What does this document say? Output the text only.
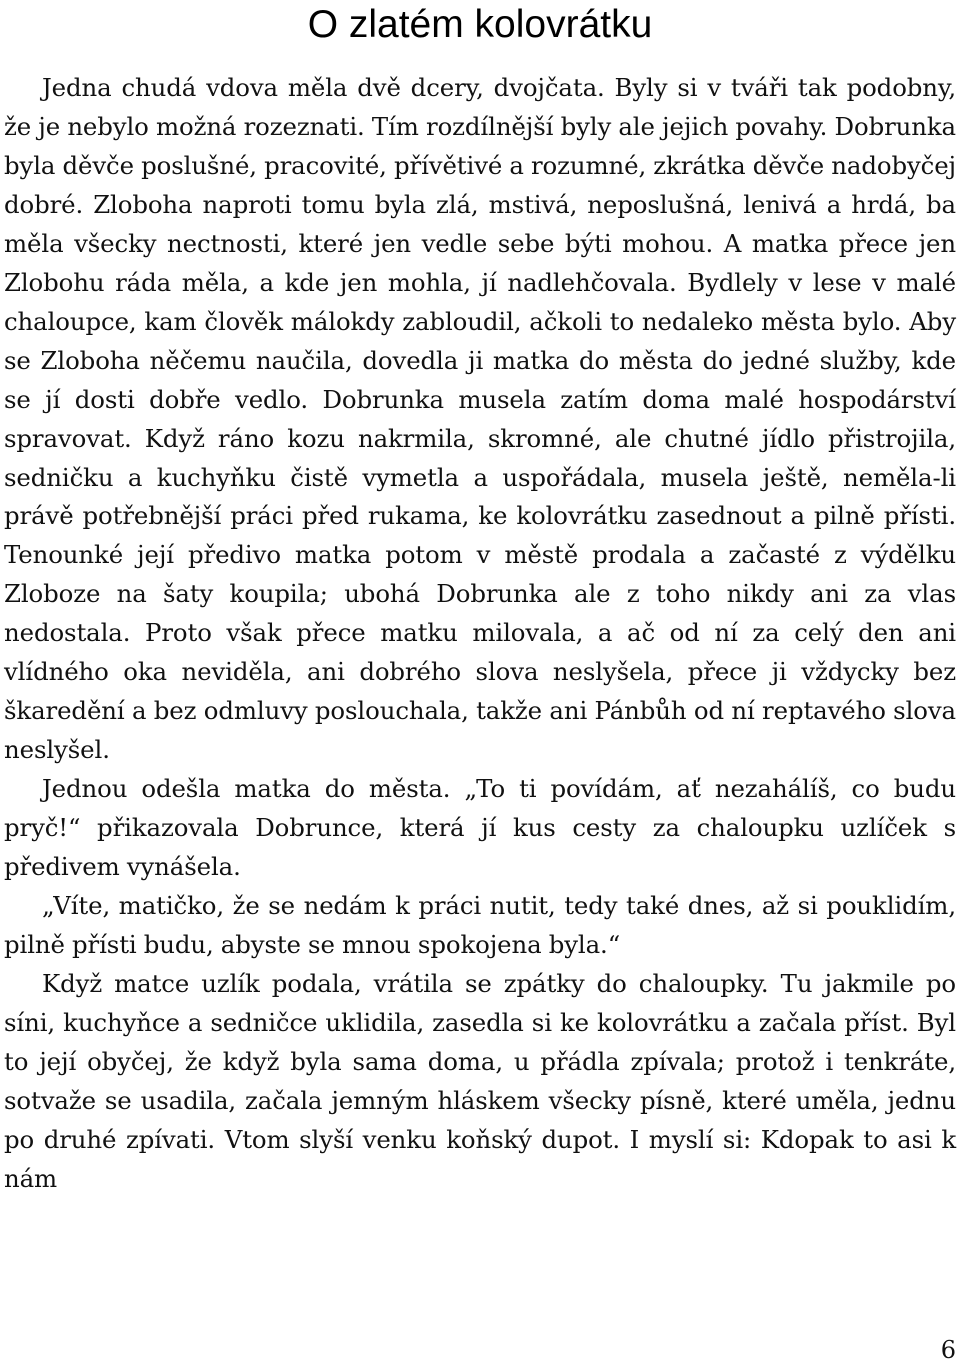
O zlatém kolovrátku

Jedna chudá vdova měla dvě dcery, dvojčata. Byly si v tváři tak podobny, že je nebylo možná rozeznati. Tím rozdílnější byly ale jejich povahy. Dobrunka byla děvče poslušné, pracovité, přívětivé a rozumné, zkrátka děvče nadobyčej dobré. Zloboha naproti tomu byla zlá, mstivá, neposlušná, lenivá a hrdá, ba měla všecky nectnosti, které jen vedle sebe býti mohou. A matka přece jen Zlobohu ráda měla, a kde jen mohla, jí nadlehčovala. Bydlely v lese v malé chaloupce, kam člověk málokdy zabloudil, ačkoli to nedaleko města bylo. Aby se Zloboha něčemu naučila, dovedla ji matka do města do jedné služby, kde se jí dosti dobře vedlo. Dobrunka musela zatím doma malé hospodárství spravovat. Když ráno kozu nakrmila, skromné, ale chutné jídlo přistrojila, sedničku a kuchyňku čistě vymetla a uspořádala, musela ještě, neměla-li právě potřebnější práci před rukama, ke kolovrátku zasednout a pilně přísti. Tenounké její předivo matka potom v městě prodala a začasté z výdělku Zloboze na šaty koupila; ubohá Dobrunka ale z toho nikdy ani za vlas nedostala. Proto však přece matku milovala, a ač od ní za celý den ani vlídného oka neviděla, ani dobrého slova neslyšela, přece ji vždycky bez škaredění a bez odmluvy poslouchala, takže ani Pánbůh od ní reptavého slova neslyšel.

Jednou odešla matka do města. „To ti povídám, ať nezahálíš, co budu pryč!“ přikazovala Dobrunce, která jí kus cesty za chaloupku uzlíček s předivem vynášela.

„Víte, matičko, že se nedám k práci nutit, tedy také dnes, až si pouklidím, pilně přísti budu, abyste se mnou spokojena byla.“

Když matce uzlík podala, vrátila se zpátky do chaloupky. Tu jakmile po síni, kuchyňce a sedničce uklidila, zasedla si ke kolovrátku a začala příst. Byl to její obyčej, že když byla sama doma, u přádla zpívala; protož i tenkráte, sotvaže se usadila, začala jemným hláskem všecky písně, které uměla, jednu po druhé zpívati. Vtom slyší venku koňský dupot. I myslí si: Kdopak to asi k nám

6
